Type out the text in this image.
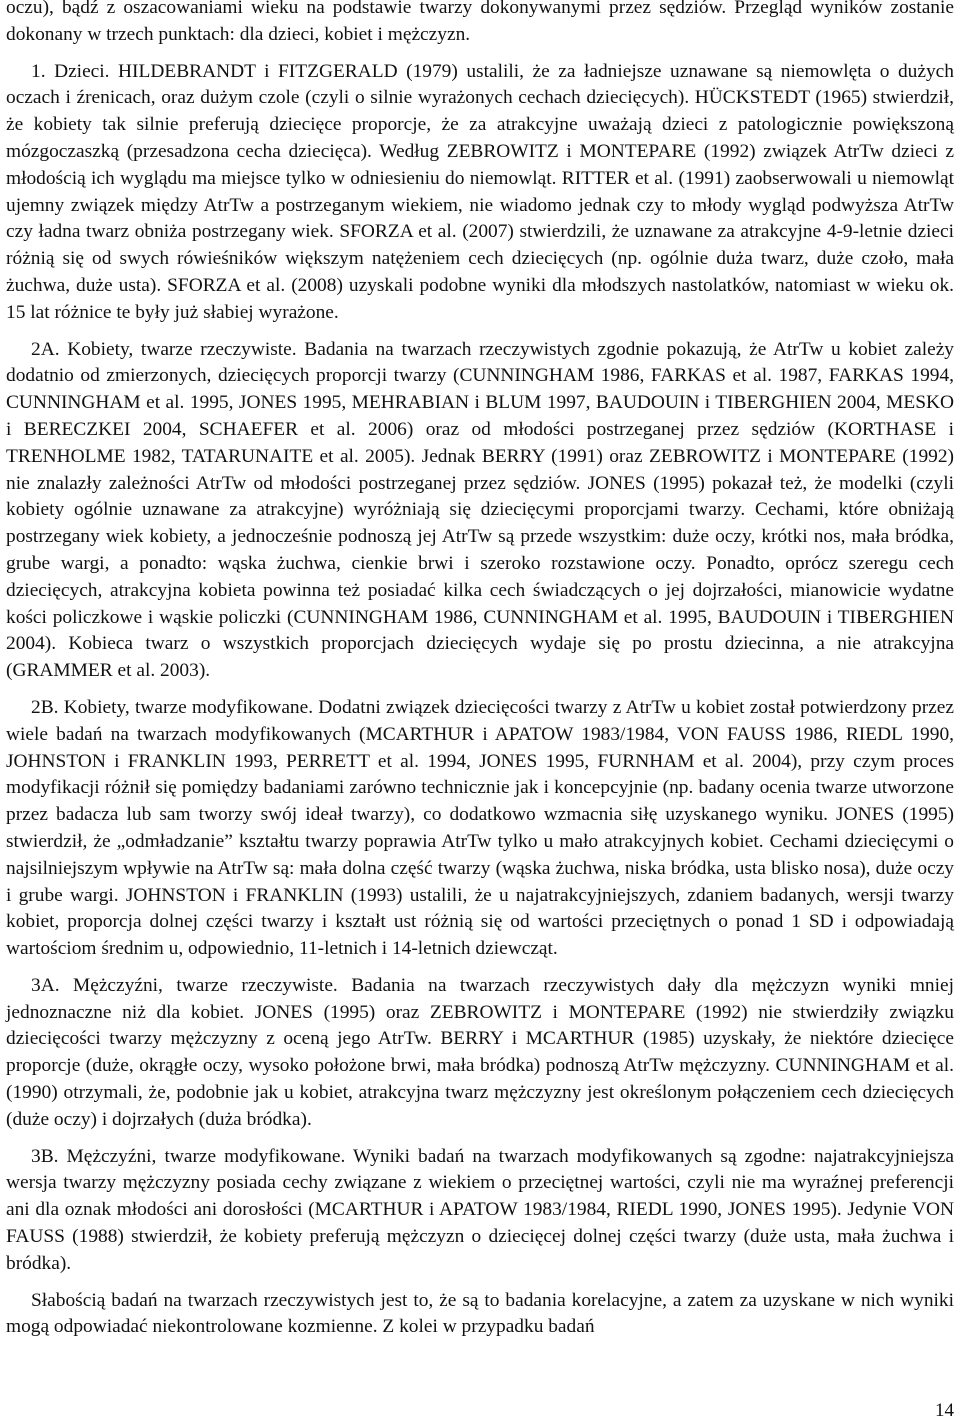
oczu), bądź z oszacowaniami wieku na podstawie twarzy dokonywanymi przez sędziów. Przegląd wyników zostanie dokonany w trzech punktach: dla dzieci, kobiet i mężczyzn.

1. Dzieci. HILDEBRANDT i FITZGERALD (1979) ustalili, że za ładniejsze uznawane są niemowlęta o dużych oczach i źrenicach, oraz dużym czole (czyli o silnie wyrażonych cechach dziecięcych). HÜCKSTEDT (1965) stwierdził, że kobiety tak silnie preferują dziecięce proporcje, że za atrakcyjne uważają dzieci z patologicznie powiększoną mózgoczaszką (przesadzona cecha dziecięca). Według ZEBROWITZ i MONTEPARE (1992) związek AtrTw dzieci z młodością ich wyglądu ma miejsce tylko w odniesieniu do niemowląt. RITTER et al. (1991) zaobserwowali u niemowląt ujemny związek między AtrTw a postrzeganym wiekiem, nie wiadomo jednak czy to młody wygląd podwyższa AtrTw czy ładna twarz obniża postrzegany wiek. SFORZA et al. (2007) stwierdzili, że uznawane za atrakcyjne 4-9-letnie dzieci różnią się od swych rówieśników większym natężeniem cech dziecięcych (np. ogólnie duża twarz, duże czoło, mała żuchwa, duże usta). SFORZA et al. (2008) uzyskali podobne wyniki dla młodszych nastolatków, natomiast w wieku ok. 15 lat różnice te były już słabiej wyrażone.

2A. Kobiety, twarze rzeczywiste. Badania na twarzach rzeczywistych zgodnie pokazują, że AtrTw u kobiet zależy dodatnio od zmierzonych, dziecięcych proporcji twarzy (CUNNINGHAM 1986, FARKAS et al. 1987, FARKAS 1994, CUNNINGHAM et al. 1995, JONES 1995, MEHRABIAN i BLUM 1997, BAUDOUIN i TIBERGHIEN 2004, MESKO i BERECZKEI 2004, SCHAEFER et al. 2006) oraz od młodości postrzeganej przez sędziów (KORTHASE i TRENHOLME 1982, TATARUNAITE et al. 2005). Jednak BERRY (1991) oraz ZEBROWITZ i MONTEPARE (1992) nie znalazły zależności AtrTw od młodości postrzeganej przez sędziów. JONES (1995) pokazał też, że modelki (czyli kobiety ogólnie uznawane za atrakcyjne) wyróżniają się dziecięcymi proporcjami twarzy. Cechami, które obniżają postrzegany wiek kobiety, a jednocześnie podnoszą jej AtrTw są przede wszystkim: duże oczy, krótki nos, mała bródka, grube wargi, a ponadto: wąska żuchwa, cienkie brwi i szeroko rozstawione oczy. Ponadto, oprócz szeregu cech dziecięcych, atrakcyjna kobieta powinna też posiadać kilka cech świadczących o jej dojrzałości, mianowicie wydatne kości policzkowe i wąskie policzki (CUNNINGHAM 1986, CUNNINGHAM et al. 1995, BAUDOUIN i TIBERGHIEN 2004). Kobieca twarz o wszystkich proporcjach dziecięcych wydaje się po prostu dziecinna, a nie atrakcyjna (GRAMMER et al. 2003).

2B. Kobiety, twarze modyfikowane. Dodatni związek dziecięcości twarzy z AtrTw u kobiet został potwierdzony przez wiele badań na twarzach modyfikowanych (MCARTHUR i APATOW 1983/1984, VON FAUSS 1986, RIEDL 1990, JOHNSTON i FRANKLIN 1993, PERRETT et al. 1994, JONES 1995, FURNHAM et al. 2004), przy czym proces modyfikacji różnił się pomiędzy badaniami zarówno technicznie jak i koncepcyjnie (np. badany ocenia twarze utworzone przez badacza lub sam tworzy swój ideał twarzy), co dodatkowo wzmacnia siłę uzyskanego wyniku. JONES (1995) stwierdził, że „odmładzanie” kształtu twarzy poprawia AtrTw tylko u mało atrakcyjnych kobiet. Cechami dziecięcymi o najsilniejszym wpływie na AtrTw są: mała dolna część twarzy (wąska żuchwa, niska bródka, usta blisko nosa), duże oczy i grube wargi. JOHNSTON i FRANKLIN (1993) ustalili, że u najatrakcyjniejszych, zdaniem badanych, wersji twarzy kobiet, proporcja dolnej części twarzy i kształt ust różnią się od wartości przeciętnych o ponad 1 SD i odpowiadają wartościom średnim u, odpowiednio, 11-letnich i 14-letnich dziewcząt.

3A. Mężczyźni, twarze rzeczywiste. Badania na twarzach rzeczywistych dały dla mężczyzn wyniki mniej jednoznaczne niż dla kobiet. JONES (1995) oraz ZEBROWITZ i MONTEPARE (1992) nie stwierdziły związku dziecięcości twarzy mężczyzny z oceną jego AtrTw. BERRY i MCARTHUR (1985) uzyskały, że niektóre dziecięce proporcje (duże, okrągłe oczy, wysoko położone brwi, mała bródka) podnoszą AtrTw mężczyzny. CUNNINGHAM et al. (1990) otrzymali, że, podobnie jak u kobiet, atrakcyjna twarz mężczyzny jest określonym połączeniem cech dziecięcych (duże oczy) i dojrzałych (duża bródka).

3B. Mężczyźni, twarze modyfikowane. Wyniki badań na twarzach modyfikowanych są zgodne: najatrakcyjniejsza wersja twarzy mężczyzny posiada cechy związane z wiekiem o przeciętnej wartości, czyli nie ma wyraźnej preferencji ani dla oznak młodości ani dorosłości (MCARTHUR i APATOW 1983/1984, RIEDL 1990, JONES 1995). Jedynie VON FAUSS (1988) stwierdził, że kobiety preferują mężczyzn o dziecięcej dolnej części twarzy (duże usta, mała żuchwa i bródka).

Słabością badań na twarzach rzeczywistych jest to, że są to badania korelacyjne, a zatem za uzyskane w nich wyniki mogą odpowiadać niekontrolowane kozmienne. Z kolei w przypadku badań

14
